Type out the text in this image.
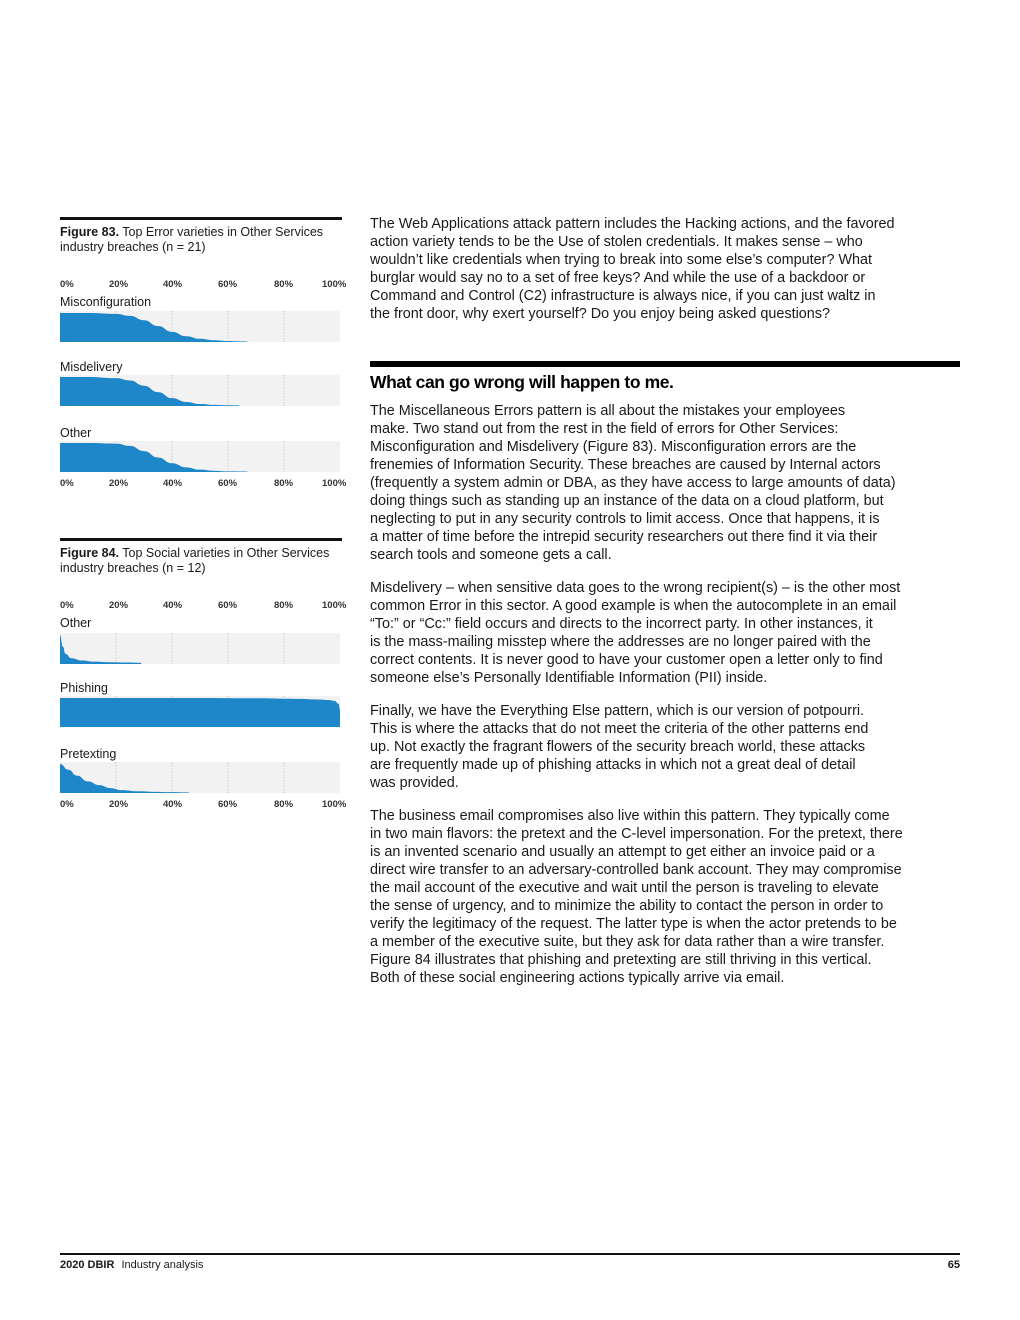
Figure 83. Top Error varieties in Other Services industry breaches (n = 21)
0%	20%	40%	60%	80%	100%
Misconfiguration
Misdelivery
Other
0%	20%	40%	60%	80%	100%
Figure 84. Top Social varieties in Other Services industry breaches (n = 12)
0%	20%	40%	60%	80%	100%
Other
Phishing
Pretexting
0%	20%	40%	60%	80%	100%

The Web Applications attack pattern includes the Hacking actions, and the favored
action variety tends to be the Use of stolen credentials. It makes sense – who
wouldn’t like credentials when trying to break into some else’s computer? What
burglar would say no to a set of free keys? And while the use of a backdoor or
Command and Control (C2) infrastructure is always nice, if you can just waltz in
the front door, why exert yourself? Do you enjoy being asked questions?

What can go wrong will happen to me.

The Miscellaneous Errors pattern is all about the mistakes your employees
make. Two stand out from the rest in the field of errors for Other Services:
Misconfiguration and Misdelivery (Figure 83). Misconfiguration errors are the
frenemies of Information Security. These breaches are caused by Internal actors
(frequently a system admin or DBA, as they have access to large amounts of data)
doing things such as standing up an instance of the data on a cloud platform, but
neglecting to put in any security controls to limit access. Once that happens, it is
a matter of time before the intrepid security researchers out there find it via their
search tools and someone gets a call.

Misdelivery – when sensitive data goes to the wrong recipient(s) – is the other most
common Error in this sector. A good example is when the autocomplete in an email
“To:” or “Cc:” field occurs and directs to the incorrect party. In other instances, it
is the mass-mailing misstep where the addresses are no longer paired with the
correct contents. It is never good to have your customer open a letter only to find
someone else’s Personally Identifiable Information (PII) inside.

Finally, we have the Everything Else pattern, which is our version of potpourri.
This is where the attacks that do not meet the criteria of the other patterns end
up. Not exactly the fragrant flowers of the security breach world, these attacks
are frequently made up of phishing attacks in which not a great deal of detail
was provided.

The business email compromises also live within this pattern. They typically come
in two main flavors: the pretext and the C-level impersonation. For the pretext, there
is an invented scenario and usually an attempt to get either an invoice paid or a
direct wire transfer to an adversary-controlled bank account. They may compromise
the mail account of the executive and wait until the person is traveling to elevate
the sense of urgency, and to minimize the ability to contact the person in order to
verify the legitimacy of the request. The latter type is when the actor pretends to be
a member of the executive suite, but they ask for data rather than a wire transfer.
Figure 84 illustrates that phishing and pretexting are still thriving in this vertical.
Both of these social engineering actions typically arrive via email.

2020 DBIR Industry analysis	65
